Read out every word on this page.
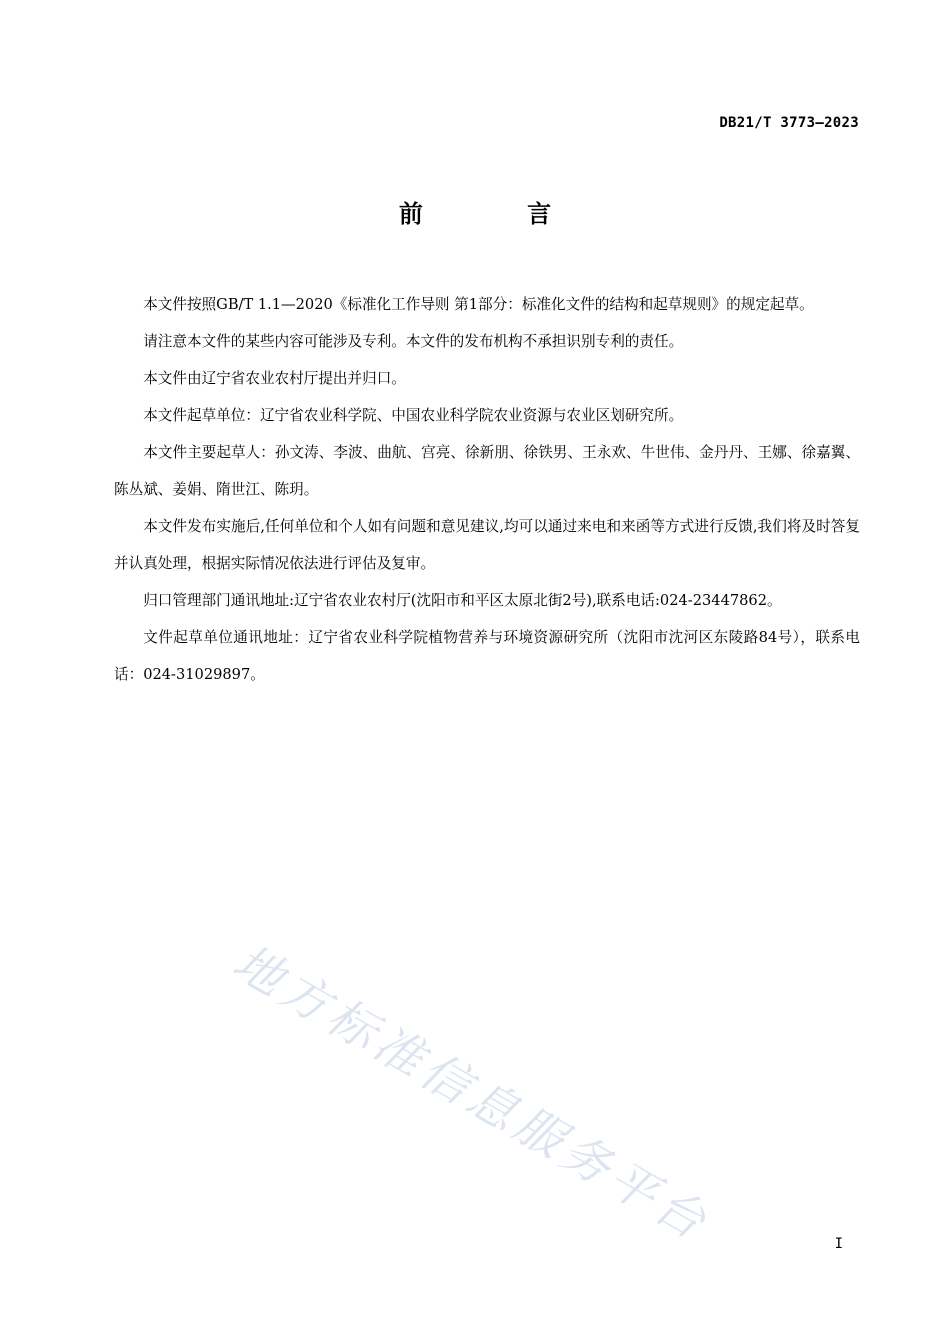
DB21/T 3773—2023
前 言

本文件按照GB/T 1.1—2020《标准化工作导则 第1部分：标准化文件的结构和起草规则》的规定起草。

请注意本文件的某些内容可能涉及专利。本文件的发布机构不承担识别专利的责任。

本文件由辽宁省农业农村厅提出并归口。

本文件起草单位：辽宁省农业科学院、中国农业科学院农业资源与农业区划研究所。

本文件主要起草人：孙文涛、李波、曲航、宫亮、徐新朋、徐铁男、王永欢、牛世伟、金丹丹、王娜、徐嘉翼、陈丛斌、姜娟、隋世江、陈玥。

本文件发布实施后,任何单位和个人如有问题和意见建议,均可以通过来电和来函等方式进行反馈,我们将及时答复并认真处理，根据实际情况依法进行评估及复审。

归口管理部门通讯地址:辽宁省农业农村厅(沈阳市和平区太原北街2号),联系电话:024-23447862。

文件起草单位通讯地址：辽宁省农业科学院植物营养与环境资源研究所（沈阳市沈河区东陵路84号），联系电话：024-31029897。

地方标准信息服务平台	I
